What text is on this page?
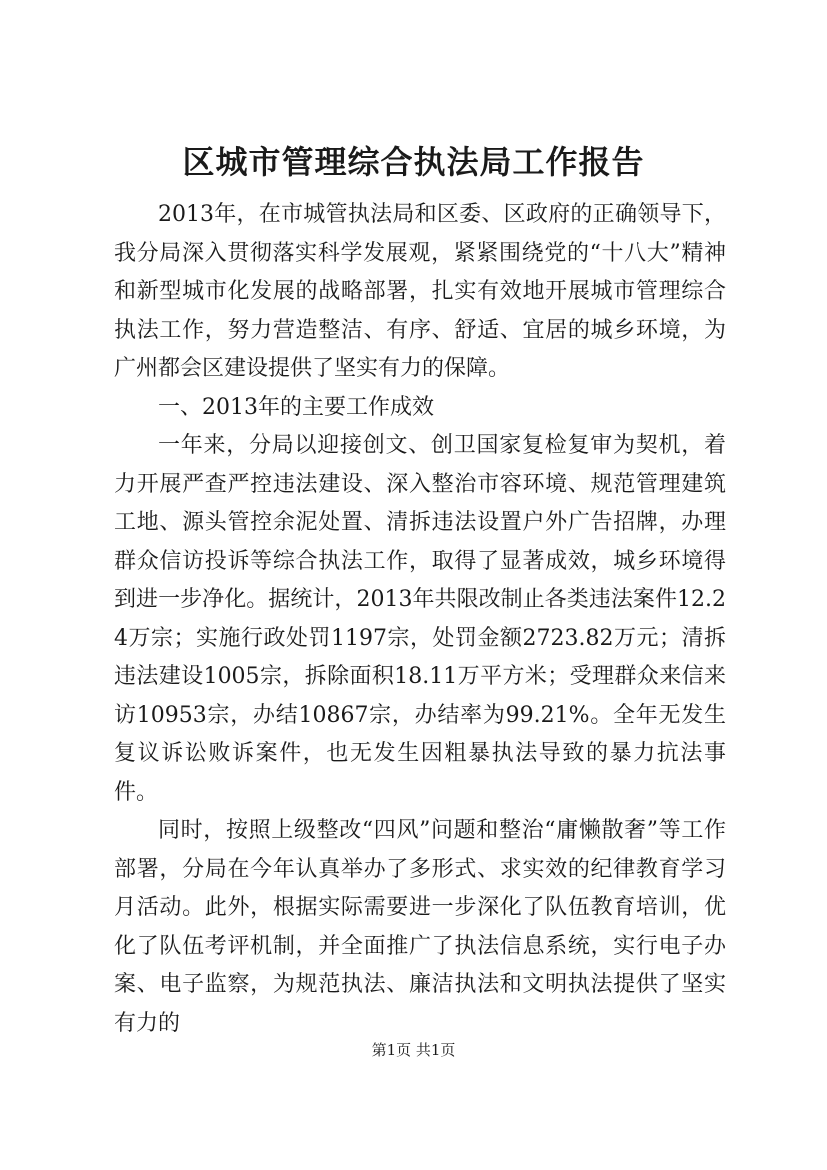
区城市管理综合执法局工作报告

2013年，在市城管执法局和区委、区政府的正确领导下，我分局深入贯彻落实科学发展观，紧紧围绕党的“十八大”精神和新型城市化发展的战略部署，扎实有效地开展城市管理综合执法工作，努力营造整洁、有序、舒适、宜居的城乡环境，为广州都会区建设提供了坚实有力的保障。

一、2013年的主要工作成效

一年来，分局以迎接创文、创卫国家复检复审为契机，着力开展严查严控违法建设、深入整治市容环境、规范管理建筑工地、源头管控余泥处置、清拆违法设置户外广告招牌，办理群众信访投诉等综合执法工作，取得了显著成效，城乡环境得到进一步净化。据统计，2013年共限改制止各类违法案件12.24万宗；实施行政处罚1197宗，处罚金额2723.82万元；清拆违法建设1005宗，拆除面积18.11万平方米；受理群众来信来访10953宗，办结10867宗，办结率为99.21%。全年无发生复议诉讼败诉案件，也无发生因粗暴执法导致的暴力抗法事件。

同时，按照上级整改“四风”问题和整治“庸懒散奢”等工作部署，分局在今年认真举办了多形式、求实效的纪律教育学习月活动。此外，根据实际需要进一步深化了队伍教育培训，优化了队伍考评机制，并全面推广了执法信息系统，实行电子办案、电子监察，为规范执法、廉洁执法和文明执法提供了坚实有力的

第1页 共1页
